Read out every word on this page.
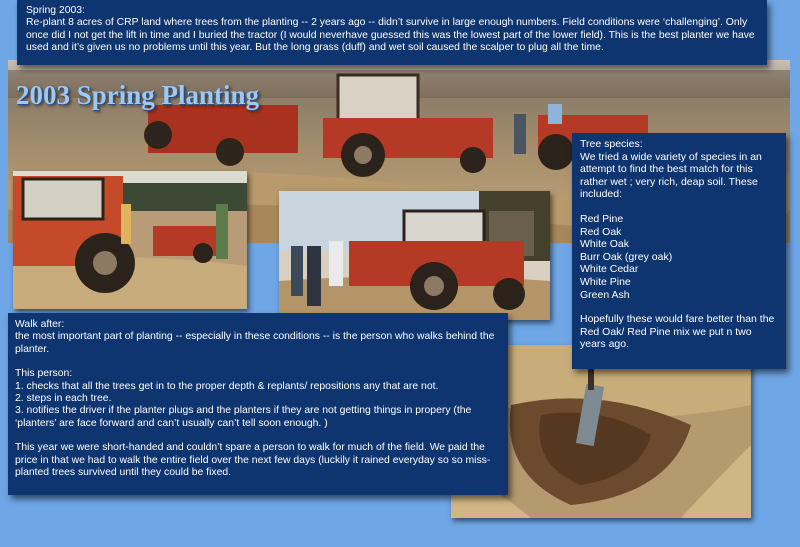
2003 Spring Planting

Spring 2003:
Re-plant 8 acres of CRP land where trees from the planting -- 2 years ago -- didn’t survive in large enough numbers. Field conditions were ‘challenging’. Only once did I not get the lift in time and I buried the tractor (I would neverhave guessed this was the lowest part of the lower field). This is the best planter we have used and it’s given us no problems until this year. But the long grass (duff) and wet soil caused the scalper to plug all the time.

Tree species:

We tried a wide variety of species in an attempt to find the best match for this rather wet ; very rich, deap soil. These included:

Red Pine
Red Oak
White Oak
Burr Oak (grey oak)
White Cedar
White Pine
Green Ash

Hopefully these would fare better than the Red Oak/ Red Pine mix we put n two years ago.

Walk after:
the most important part of planting -- especially in these conditions -- is the person who walks behind the planter.

This person:
1. checks that all the trees get in to the proper depth & replants/ repositions any that are not.
2. steps in each tree.
3. notifies the driver if the planter plugs and the planters if they are not getting things in propery (the ‘planters’ are face forward and can’t usually can’t tell soon enough. )

This year we were short-handed and couldn’t spare a person to walk for much of the field. We paid the price in that we had to walk the entire field over the next few days (luckily it rained everyday so so miss-planted trees survived until they could be fixed.
